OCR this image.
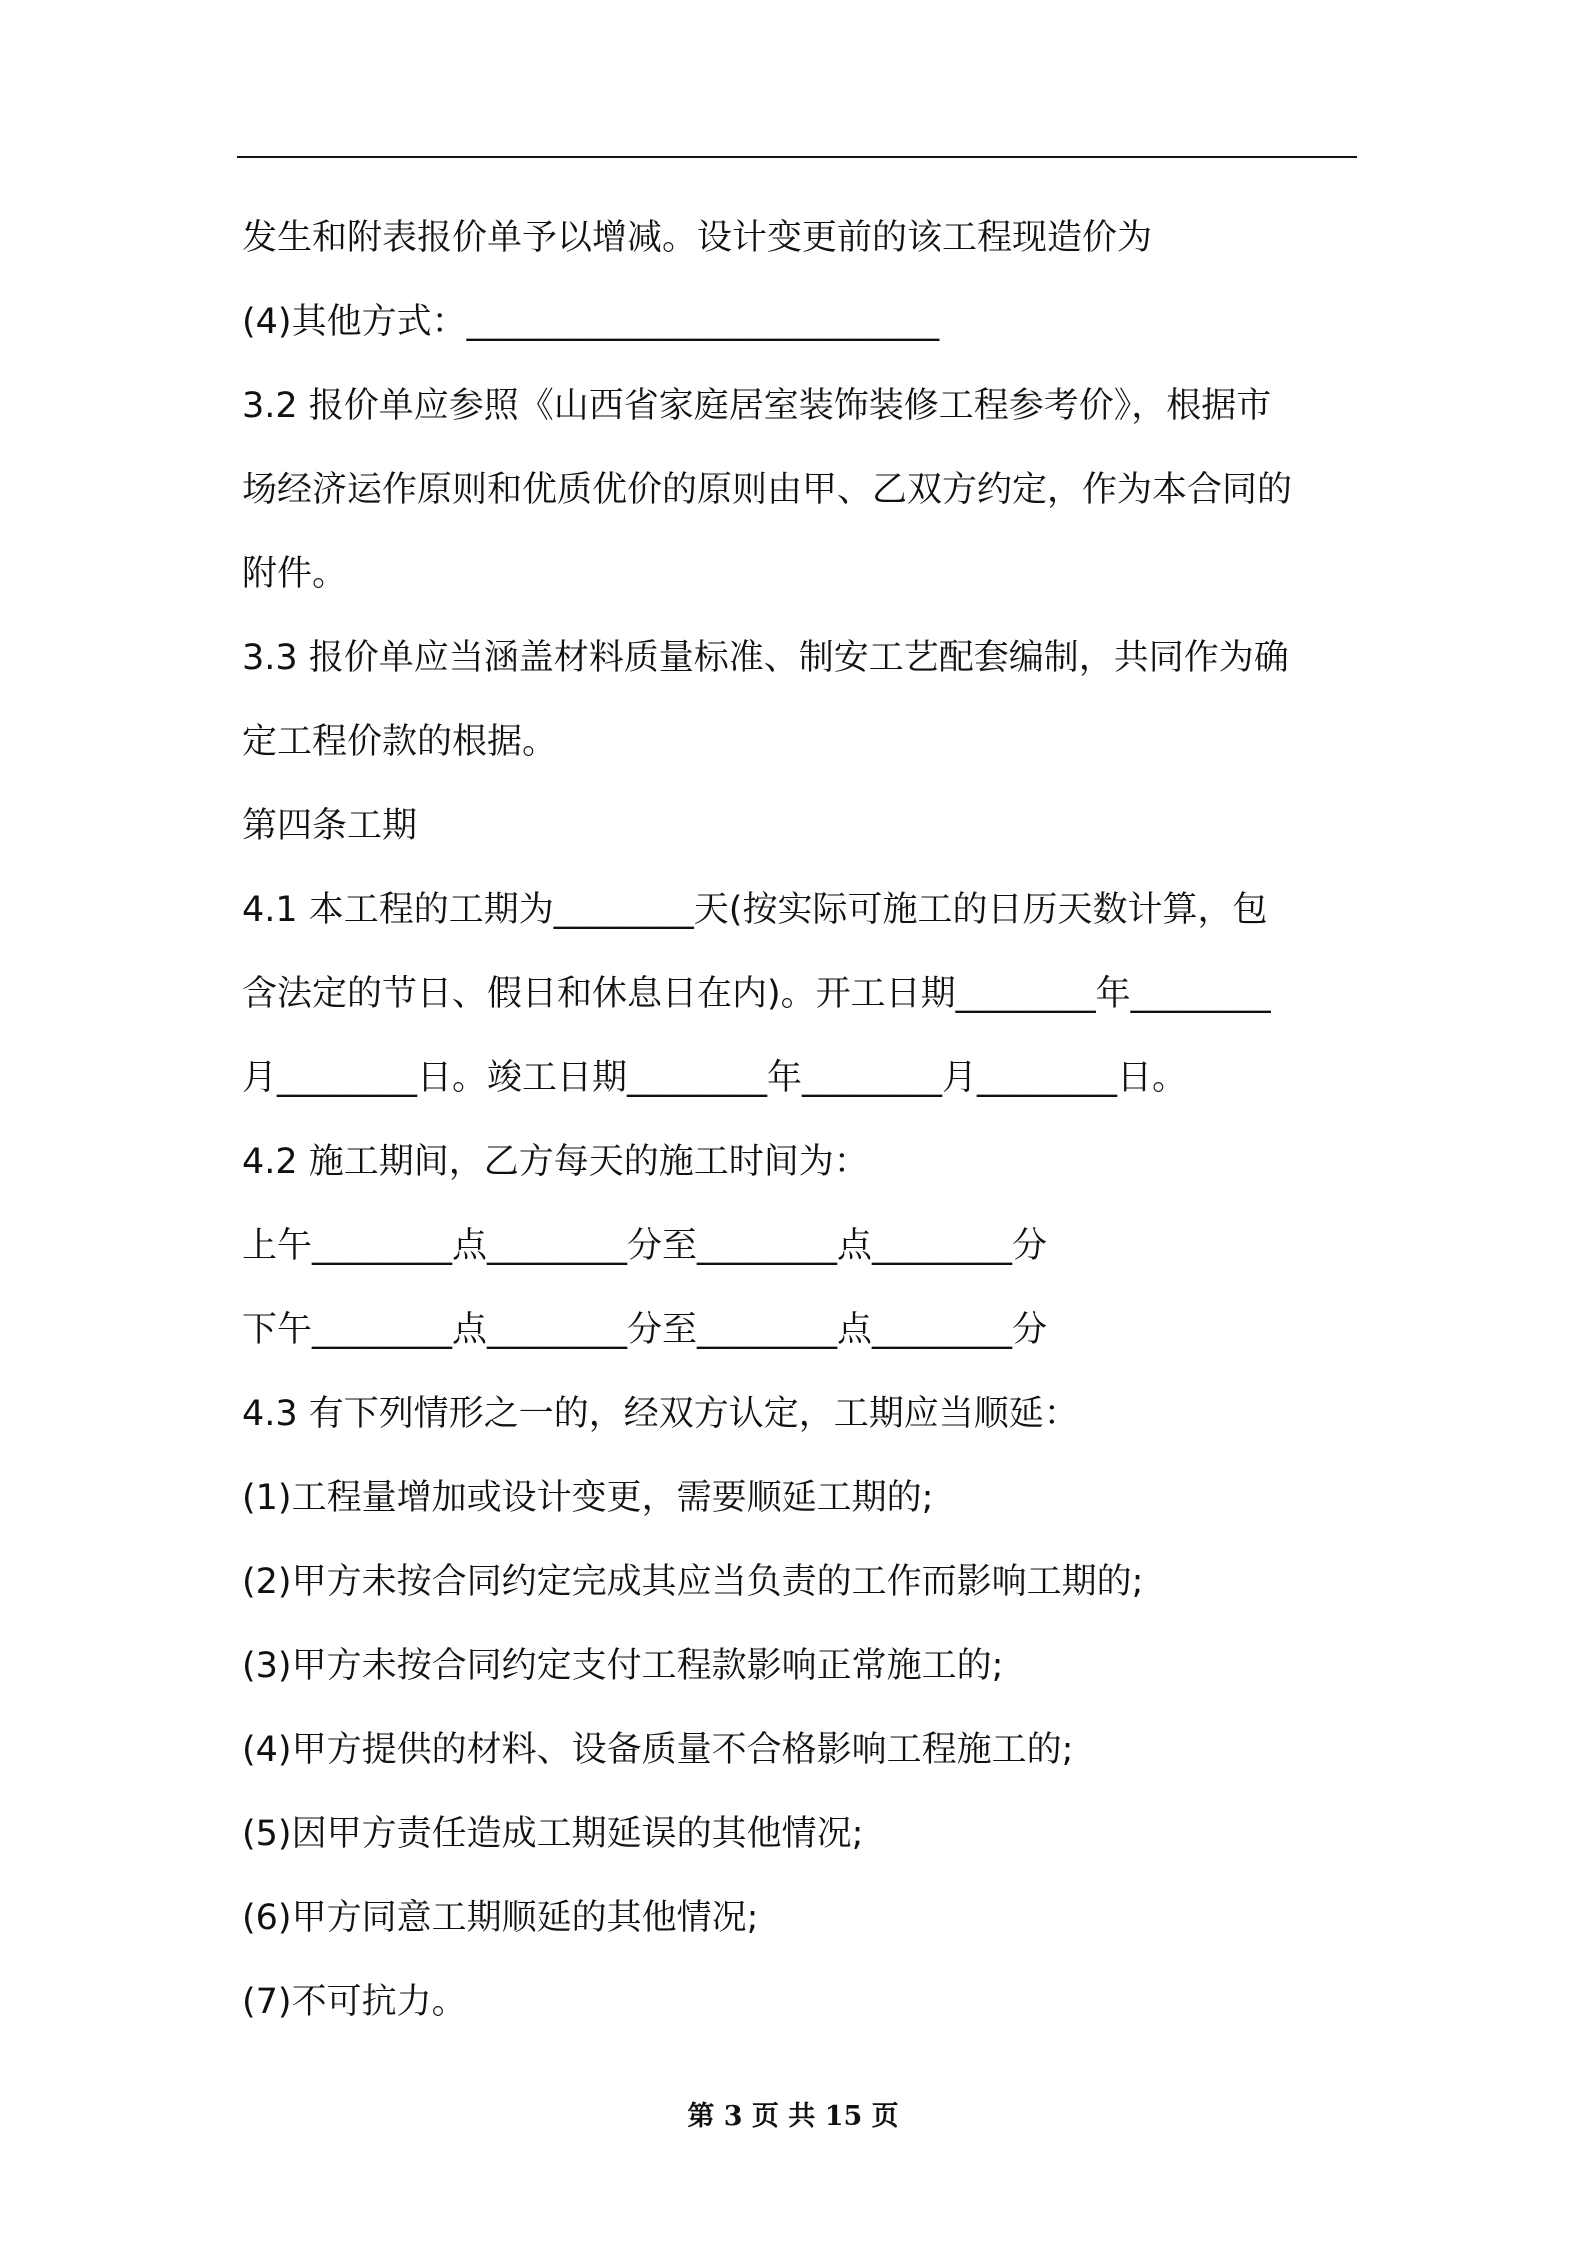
发生和附表报价单予以增减。设计变更前的该工程现造价为
(4)其他方式：___________________________
3.2 报价单应参照《山西省家庭居室装饰装修工程参考价》，根据市
场经济运作原则和优质优价的原则由甲、乙双方约定，作为本合同的
附件。
3.3 报价单应当涵盖材料质量标准、制安工艺配套编制，共同作为确
定工程价款的根据。
第四条工期
4.1 本工程的工期为________天(按实际可施工的日历天数计算，包
含法定的节日、假日和休息日在内)。开工日期________年________
月________日。竣工日期________年________月________日。
4.2 施工期间，乙方每天的施工时间为：
上午________点________分至________点________分
下午________点________分至________点________分
4.3 有下列情形之一的，经双方认定，工期应当顺延：
(1)工程量增加或设计变更，需要顺延工期的;
(2)甲方未按合同约定完成其应当负责的工作而影响工期的;
(3)甲方未按合同约定支付工程款影响正常施工的;
(4)甲方提供的材料、设备质量不合格影响工程施工的;
(5)因甲方责任造成工期延误的其他情况;
(6)甲方同意工期顺延的其他情况;
(7)不可抗力。
第 3 页 共 15 页
